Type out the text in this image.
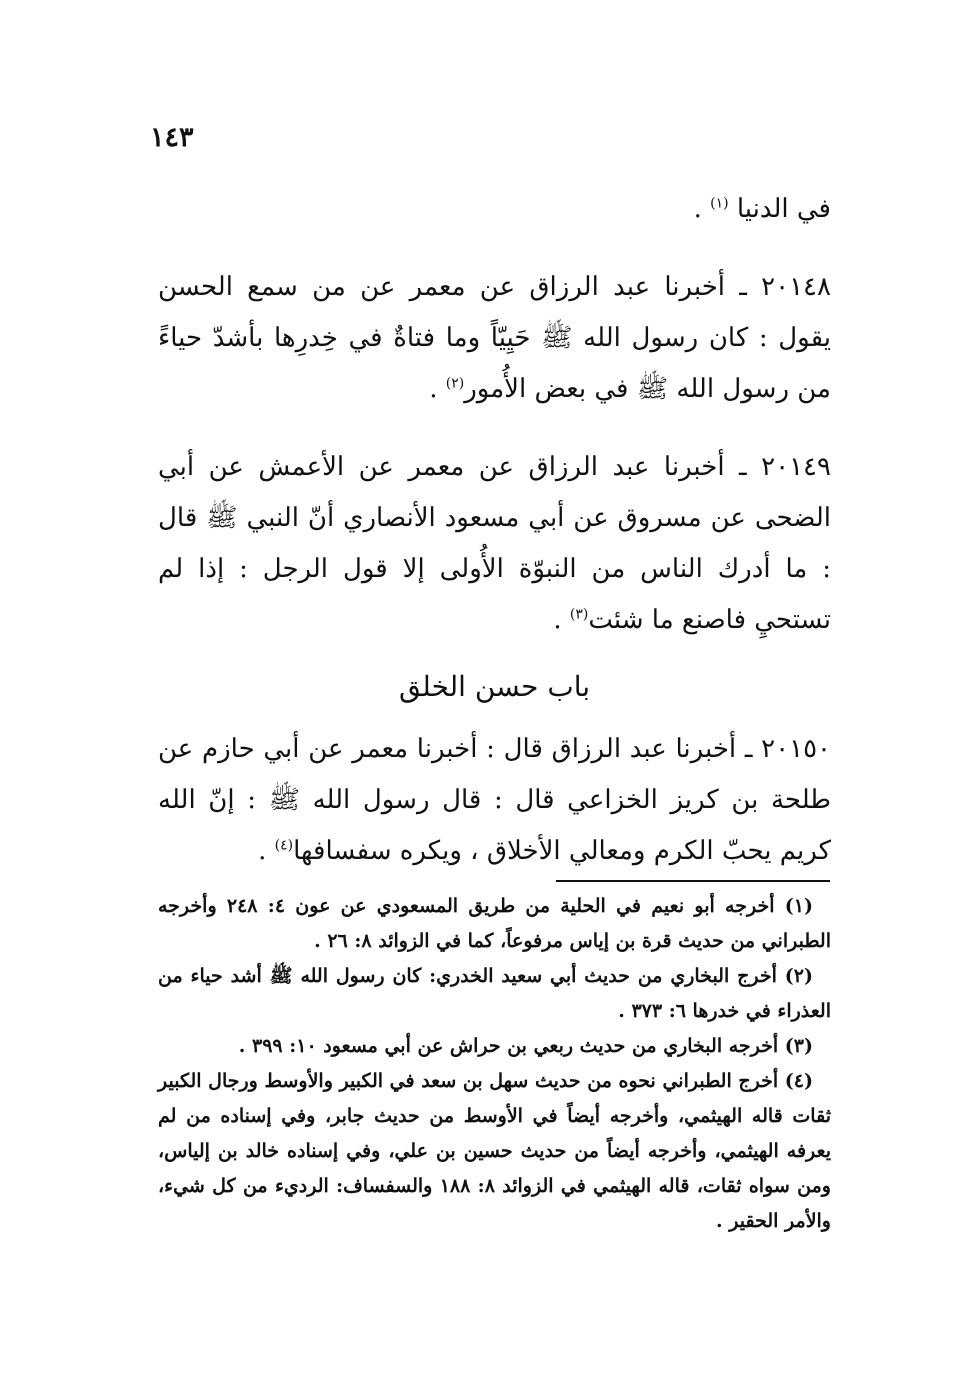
١٤٣

في الدنيا $^{(١)}$ .

٢٠١٤٨ ـ أخبرنا عبد الرزاق عن معمر عن من سمع الحسن يقول : كان رسول الله ﷺ حَيِيّاً وما فتاةٌ في خِدرِها بأشدّ حياءً من رسول الله ﷺ في بعض الأُمور$^{(٢)}$ .

٢٠١٤٩ ـ أخبرنا عبد الرزاق عن معمر عن الأعمش عن أبي الضحى عن مسروق عن أبي مسعود الأنصاري أنّ النبي ﷺ قال : ما أدرك الناس من النبوّة الأُولى إلا قول الرجل : إذا لم تستحيِ فاصنع ما شئت$^{(٣)}$ .

باب حسن الخلق

٢٠١٥٠ ـ أخبرنا عبد الرزاق قال : أخبرنا معمر عن أبي حازم عن طلحة بن كريز الخزاعي قال : قال رسول الله ﷺ : إنّ الله كريم يحبّ الكرم ومعالي الأخلاق ، ويكره سفسافها$^{(٤)}$ .

(١) أخرجه أبو نعيم في الحلية من طريق المسعودي عن عون ٤: ٢٤٨ وأخرجه الطبراني من حديث قرة بن إياس مرفوعاً، كما في الزوائد ٨: ٢٦ .

(٢) أخرج البخاري من حديث أبي سعيد الخدري: كان رسول الله ﷺ أشد حياء من العذراء في خدرها ٦: ٣٧٣ .

(٣) أخرجه البخاري من حديث ربعي بن حراش عن أبي مسعود ١٠: ٣٩٩ .

(٤) أخرج الطبراني نحوه من حديث سهل بن سعد في الكبير والأوسط ورجال الكبير ثقات قاله الهيثمي، وأخرجه أيضاً في الأوسط من حديث جابر، وفي إسناده من لم يعرفه الهيثمي، وأخرجه أيضاً من حديث حسين بن علي، وفي إسناده خالد بن إلياس، ومن سواه ثقات، قاله الهيثمي في الزوائد ٨: ١٨٨ والسفساف: الرديء من كل شيء، والأمر الحقير .
